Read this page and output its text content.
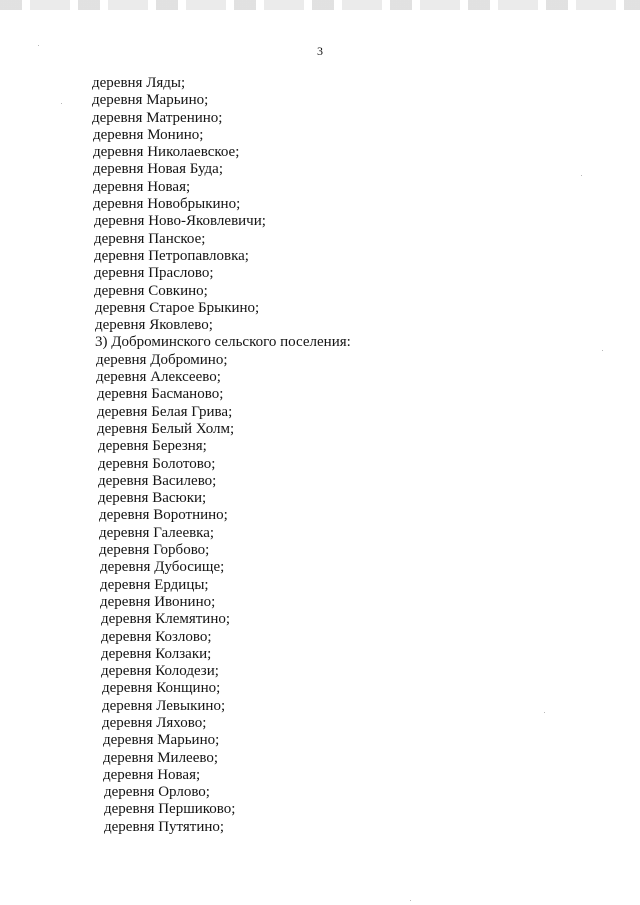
3
деревня Ляды;
деревня Марьино;
деревня Матренино;
деревня Монино;
деревня Николаевское;
деревня Новая Буда;
деревня Новая;
деревня Новобрыкино;
деревня Ново-Яковлевичи;
деревня Панское;
деревня Петропавловка;
деревня Праслово;
деревня Совкино;
деревня Старое Брыкино;
деревня Яковлево;
3) Доброминского сельского поселения:
деревня Добромино;
деревня Алексеево;
деревня Басманово;
деревня Белая Грива;
деревня Белый Холм;
деревня Березня;
деревня Болотово;
деревня Василево;
деревня Васюки;
деревня Воротнино;
деревня Галеевка;
деревня Горбово;
деревня Дубосище;
деревня Ердицы;
деревня Ивонино;
деревня Клемятино;
деревня Козлово;
деревня Колзаки;
деревня Колодези;
деревня Конщино;
деревня Левыкино;
деревня Ляхово;
деревня Марьино;
деревня Милеево;
деревня Новая;
деревня Орлово;
деревня Першиково;
деревня Путятино;
